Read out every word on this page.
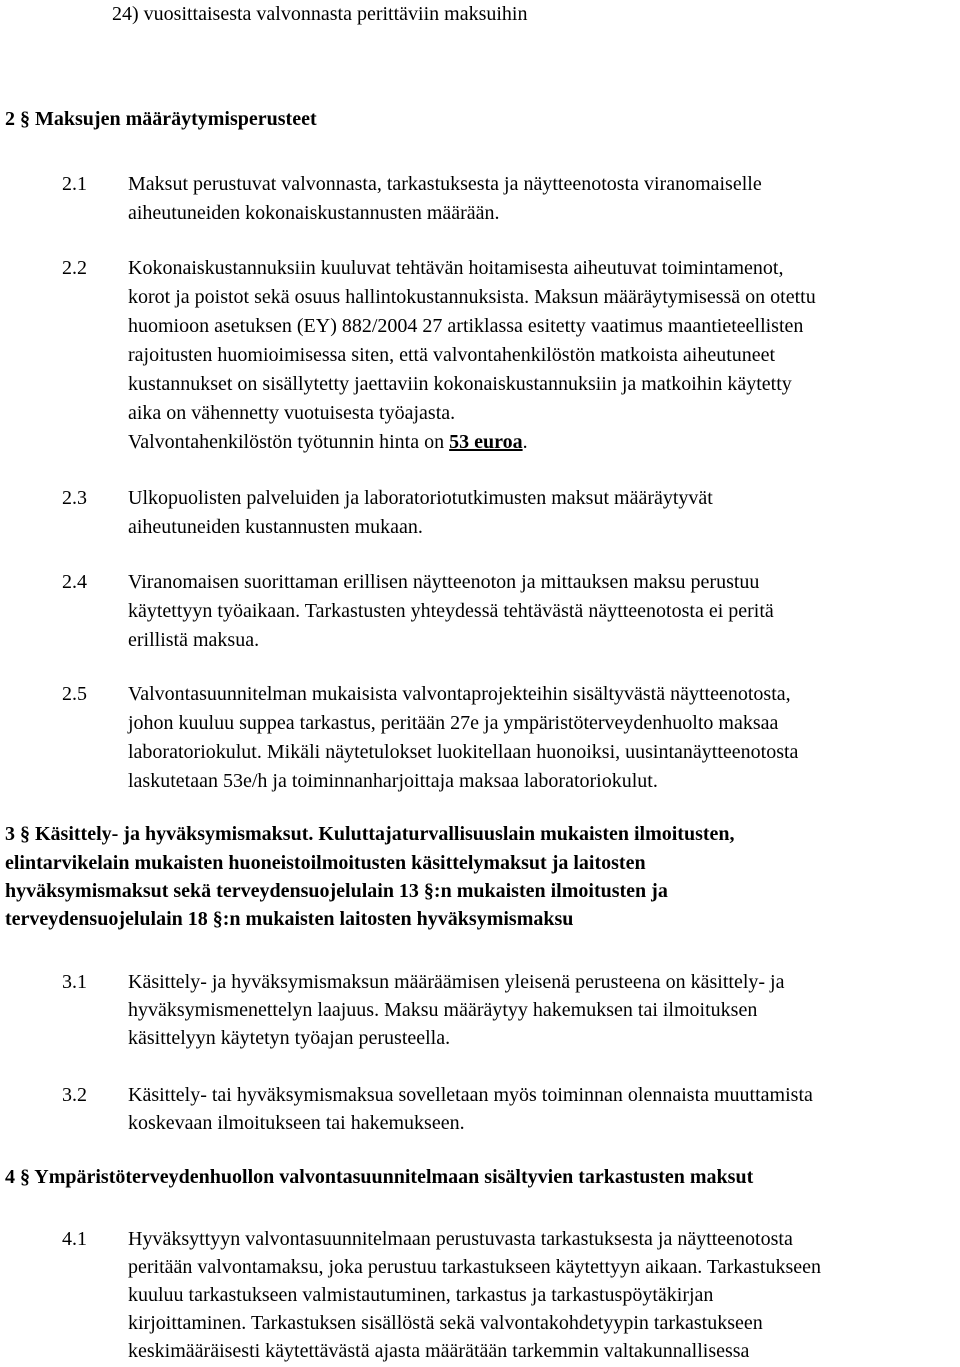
24) vuosittaisesta valvonnasta perittäviin maksuihin
2 § Maksujen määräytymisperusteet
2.1 Maksut perustuvat valvonnasta, tarkastuksesta ja näytteenotosta viranomaiselle
aiheutuneiden kokonaiskustannusten määrään.
2.2 Kokonaiskustannuksiin kuuluvat tehtävän hoitamisesta aiheutuvat toimintamenot,
korot ja poistot sekä osuus hallintokustannuksista. Maksun määräytymisessä on otettu
huomioon asetuksen (EY) 882/2004 27 artiklassa esitetty vaatimus maantieteellisten
rajoitusten huomioimisessa siten, että valvontahenkilöstön matkoista aiheutuneet
kustannukset on sisällytetty jaettaviin kokonaiskustannuksiin ja matkoihin käytetty
aika on vähennetty vuotuisesta työajasta.
Valvontahenkilöstön työtunnin hinta on 53 euroa.
2.3 Ulkopuolisten palveluiden ja laboratoriotutkimusten maksut määräytyvät
aiheutuneiden kustannusten mukaan.
2.4 Viranomaisen suorittaman erillisen näytteenoton ja mittauksen maksu perustuu
käytettyyn työaikaan. Tarkastusten yhteydessä tehtävästä näytteenotosta ei peritä
erillistä maksua.
2.5 Valvontasuunnitelman mukaisista valvontaprojekteihin sisältyvästä näytteenotosta,
johon kuuluu suppea tarkastus, peritään 27e ja ympäristöterveydenhuolto maksaa
laboratoriokulut. Mikäli näytetulokset luokitellaan huonoiksi, uusintanäytteenotosta
laskutetaan 53e/h ja toiminnanharjoittaja maksaa laboratoriokulut.
3 § Käsittely- ja hyväksymismaksut. Kuluttajaturvallisuuslain mukaisten ilmoitusten,
elintarvikelain mukaisten huoneistoilmoitusten käsittelymaksut ja laitosten
hyväksymismaksut sekä terveydensuojelulain 13 §:n mukaisten ilmoitusten ja
terveydensuojelulain 18 §:n mukaisten laitosten hyväksymismaksu
3.1 Käsittely- ja hyväksymismaksun määräämisen yleisenä perusteena on käsittely- ja
hyväksymismenettelyn laajuus. Maksu määräytyy hakemuksen tai ilmoituksen
käsittelyyn käytetyn työajan perusteella.
3.2 Käsittely- tai hyväksymismaksua sovelletaan myös toiminnan olennaista muuttamista
koskevaan ilmoitukseen tai hakemukseen.
4 § Ympäristöterveydenhuollon valvontasuunnitelmaan sisältyvien tarkastusten maksut
4.1 Hyväksyttyyn valvontasuunnitelmaan perustuvasta tarkastuksesta ja näytteenotosta
peritään valvontamaksu, joka perustuu tarkastukseen käytettyyn aikaan. Tarkastukseen
kuuluu tarkastukseen valmistautuminen, tarkastus ja tarkastuspöytäkirjan
kirjoittaminen. Tarkastuksen sisällöstä sekä valvontakohdetyypin tarkastukseen
keskimääräisesti käytettävästä ajasta määrätään tarkemmin valtakunnallisessa
